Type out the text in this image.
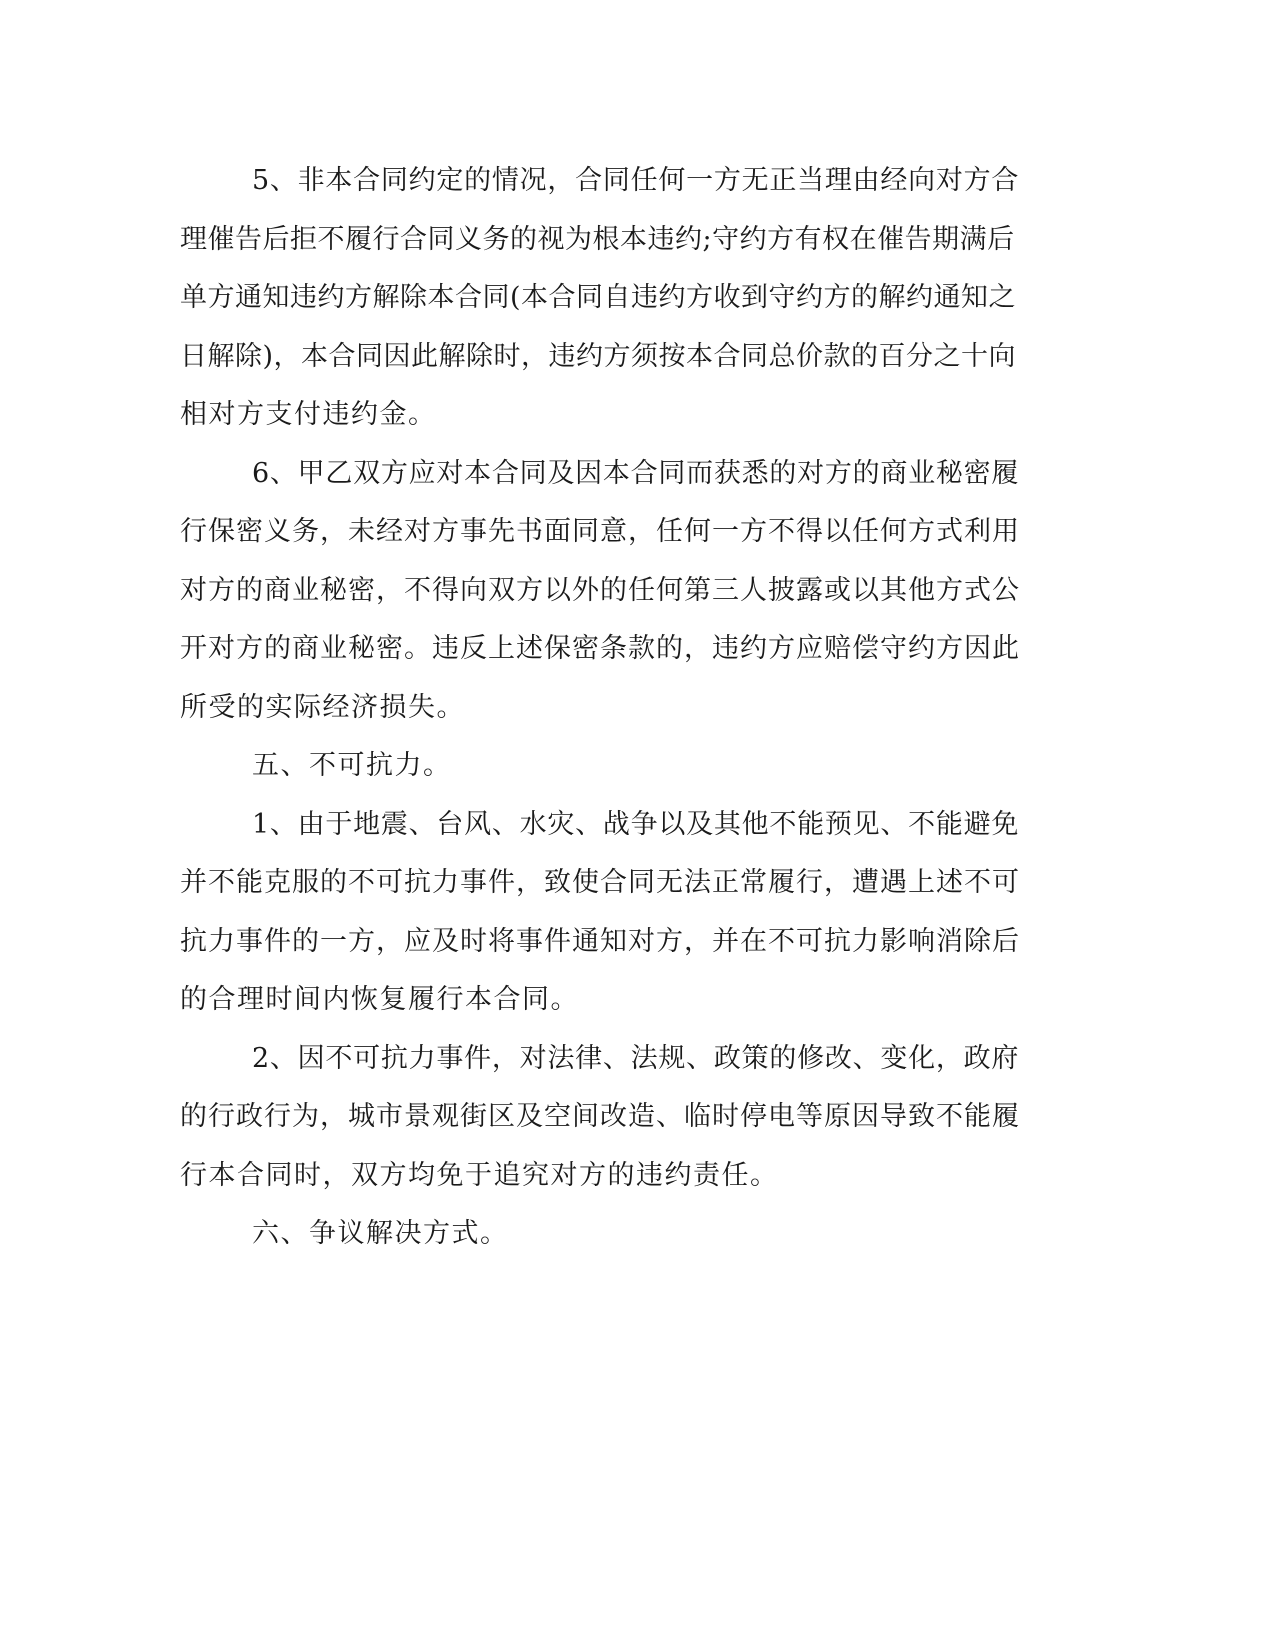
5、非本合同约定的情况，合同任何一方无正当理由经向对方合
理催告后拒不履行合同义务的视为根本违约;守约方有权在催告期满后
单方通知违约方解除本合同(本合同自违约方收到守约方的解约通知之
日解除)，本合同因此解除时，违约方须按本合同总价款的百分之十向
相对方支付违约金。
6、甲乙双方应对本合同及因本合同而获悉的对方的商业秘密履
行保密义务，未经对方事先书面同意，任何一方不得以任何方式利用
对方的商业秘密，不得向双方以外的任何第三人披露或以其他方式公
开对方的商业秘密。违反上述保密条款的，违约方应赔偿守约方因此
所受的实际经济损失。
五、不可抗力。
1、由于地震、台风、水灾、战争以及其他不能预见、不能避免
并不能克服的不可抗力事件，致使合同无法正常履行，遭遇上述不可
抗力事件的一方，应及时将事件通知对方，并在不可抗力影响消除后
的合理时间内恢复履行本合同。
2、因不可抗力事件，对法律、法规、政策的修改、变化，政府
的行政行为，城市景观街区及空间改造、临时停电等原因导致不能履
行本合同时，双方均免于追究对方的违约责任。
六、争议解决方式。
